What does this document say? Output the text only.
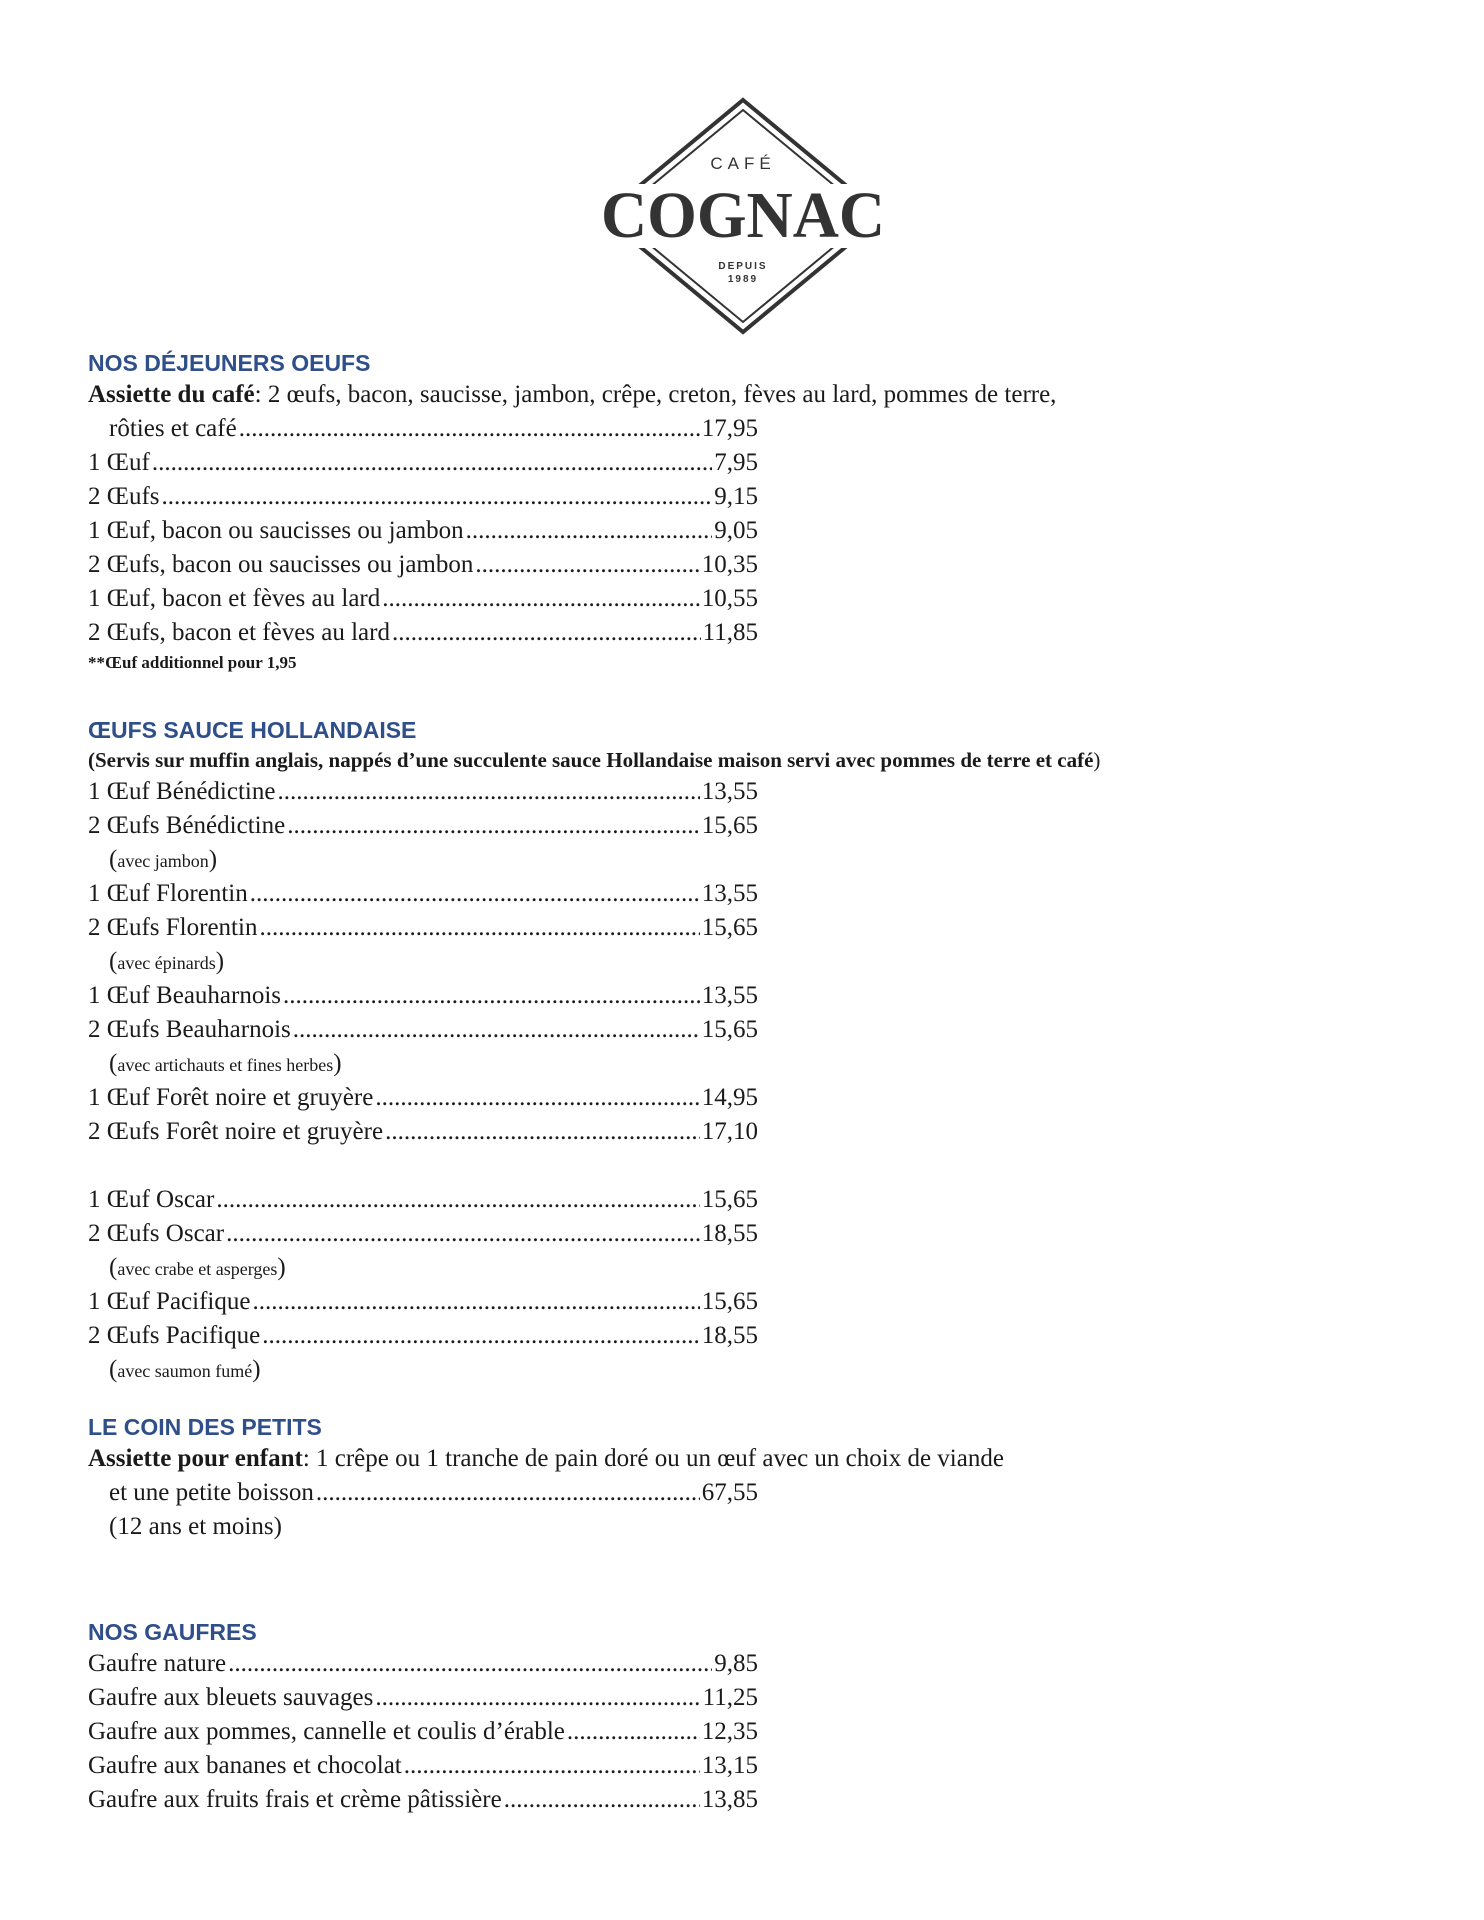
CAFÉ
COGNAC
DEPUIS
1989
NOS DÉJEUNERS OEUFS
Assiette du café: 2 œufs, bacon, saucisse, jambon, crêpe, creton, fèves au lard, pommes de terre,
rôties et café .....	17,95
1 Œuf .....	7,95
2 Œufs .....	9,15
1 Œuf, bacon ou saucisses ou jambon .....	9,05
2 Œufs, bacon ou saucisses ou jambon .....	10,35
1 Œuf, bacon et fèves au lard .....	10,55
2 Œufs, bacon et fèves au lard .....	11,85
**Œuf additionnel pour 1,95
ŒUFS SAUCE HOLLANDAISE
(Servis sur muffin anglais, nappés d’une succulente sauce Hollandaise maison servi avec pommes de terre et café)
1 Œuf Bénédictine .....	13,55
2 Œufs Bénédictine .....	15,65
(avec jambon)
1 Œuf Florentin .....	13,55
2 Œufs Florentin .....	15,65
(avec épinards)
1 Œuf Beauharnois .....	13,55
2 Œufs Beauharnois .....	15,65
(avec artichauts et fines herbes)
1 Œuf Forêt noire et gruyère .....	14,95
2 Œufs Forêt noire et gruyère .....	17,10
1 Œuf Oscar .....	15,65
2 Œufs Oscar .....	18,55
(avec crabe et asperges)
1 Œuf Pacifique .....	15,65
2 Œufs Pacifique .....	18,55
(avec saumon fumé)
LE COIN DES PETITS
Assiette pour enfant: 1 crêpe ou 1 tranche de pain doré ou un œuf avec un choix de viande
et une petite boisson .....	67,55
(12 ans et moins)
NOS GAUFRES
Gaufre nature .....	9,85
Gaufre aux bleuets sauvages .....	11,25
Gaufre aux pommes, cannelle et coulis d’érable .....	12,35
Gaufre aux bananes et chocolat .....	13,15
Gaufre aux fruits frais et crème pâtissière .....	13,85
